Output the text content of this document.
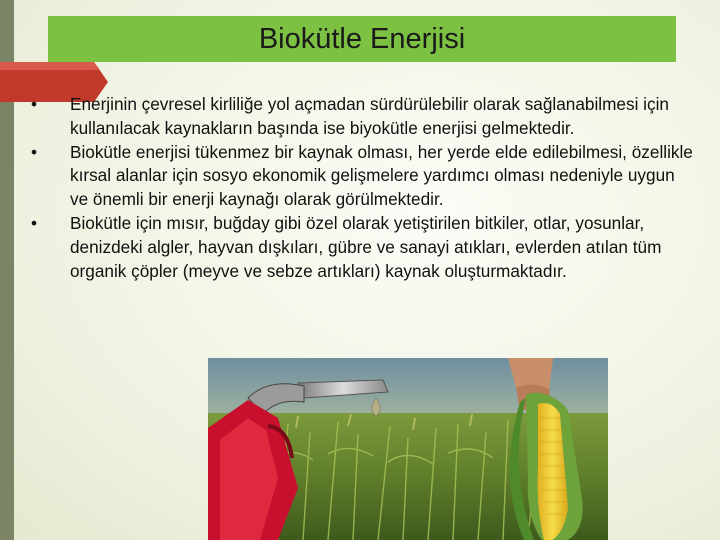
Biokütle Enerjisi
• Enerjinin çevresel kirliliğe yol açmadan sürdürülebilir olarak sağlanabilmesi için kullanılacak kaynakların başında ise biyokütle enerjisi gelmektedir.
• Biokütle enerjisi tükenmez bir kaynak olması, her yerde elde edilebilmesi, özellikle kırsal alanlar için sosyo ekonomik gelişmelere yardımcı olması nedeniyle uygun ve önemli bir enerji kaynağı olarak görülmektedir.
• Biokütle için mısır, buğday gibi özel olarak yetiştirilen bitkiler, otlar, yosunlar, denizdeki algler, hayvan dışkıları, gübre ve sanayi atıkları, evlerden atılan tüm organik çöpler (meyve ve sebze artıkları) kaynak oluşturmaktadır.
